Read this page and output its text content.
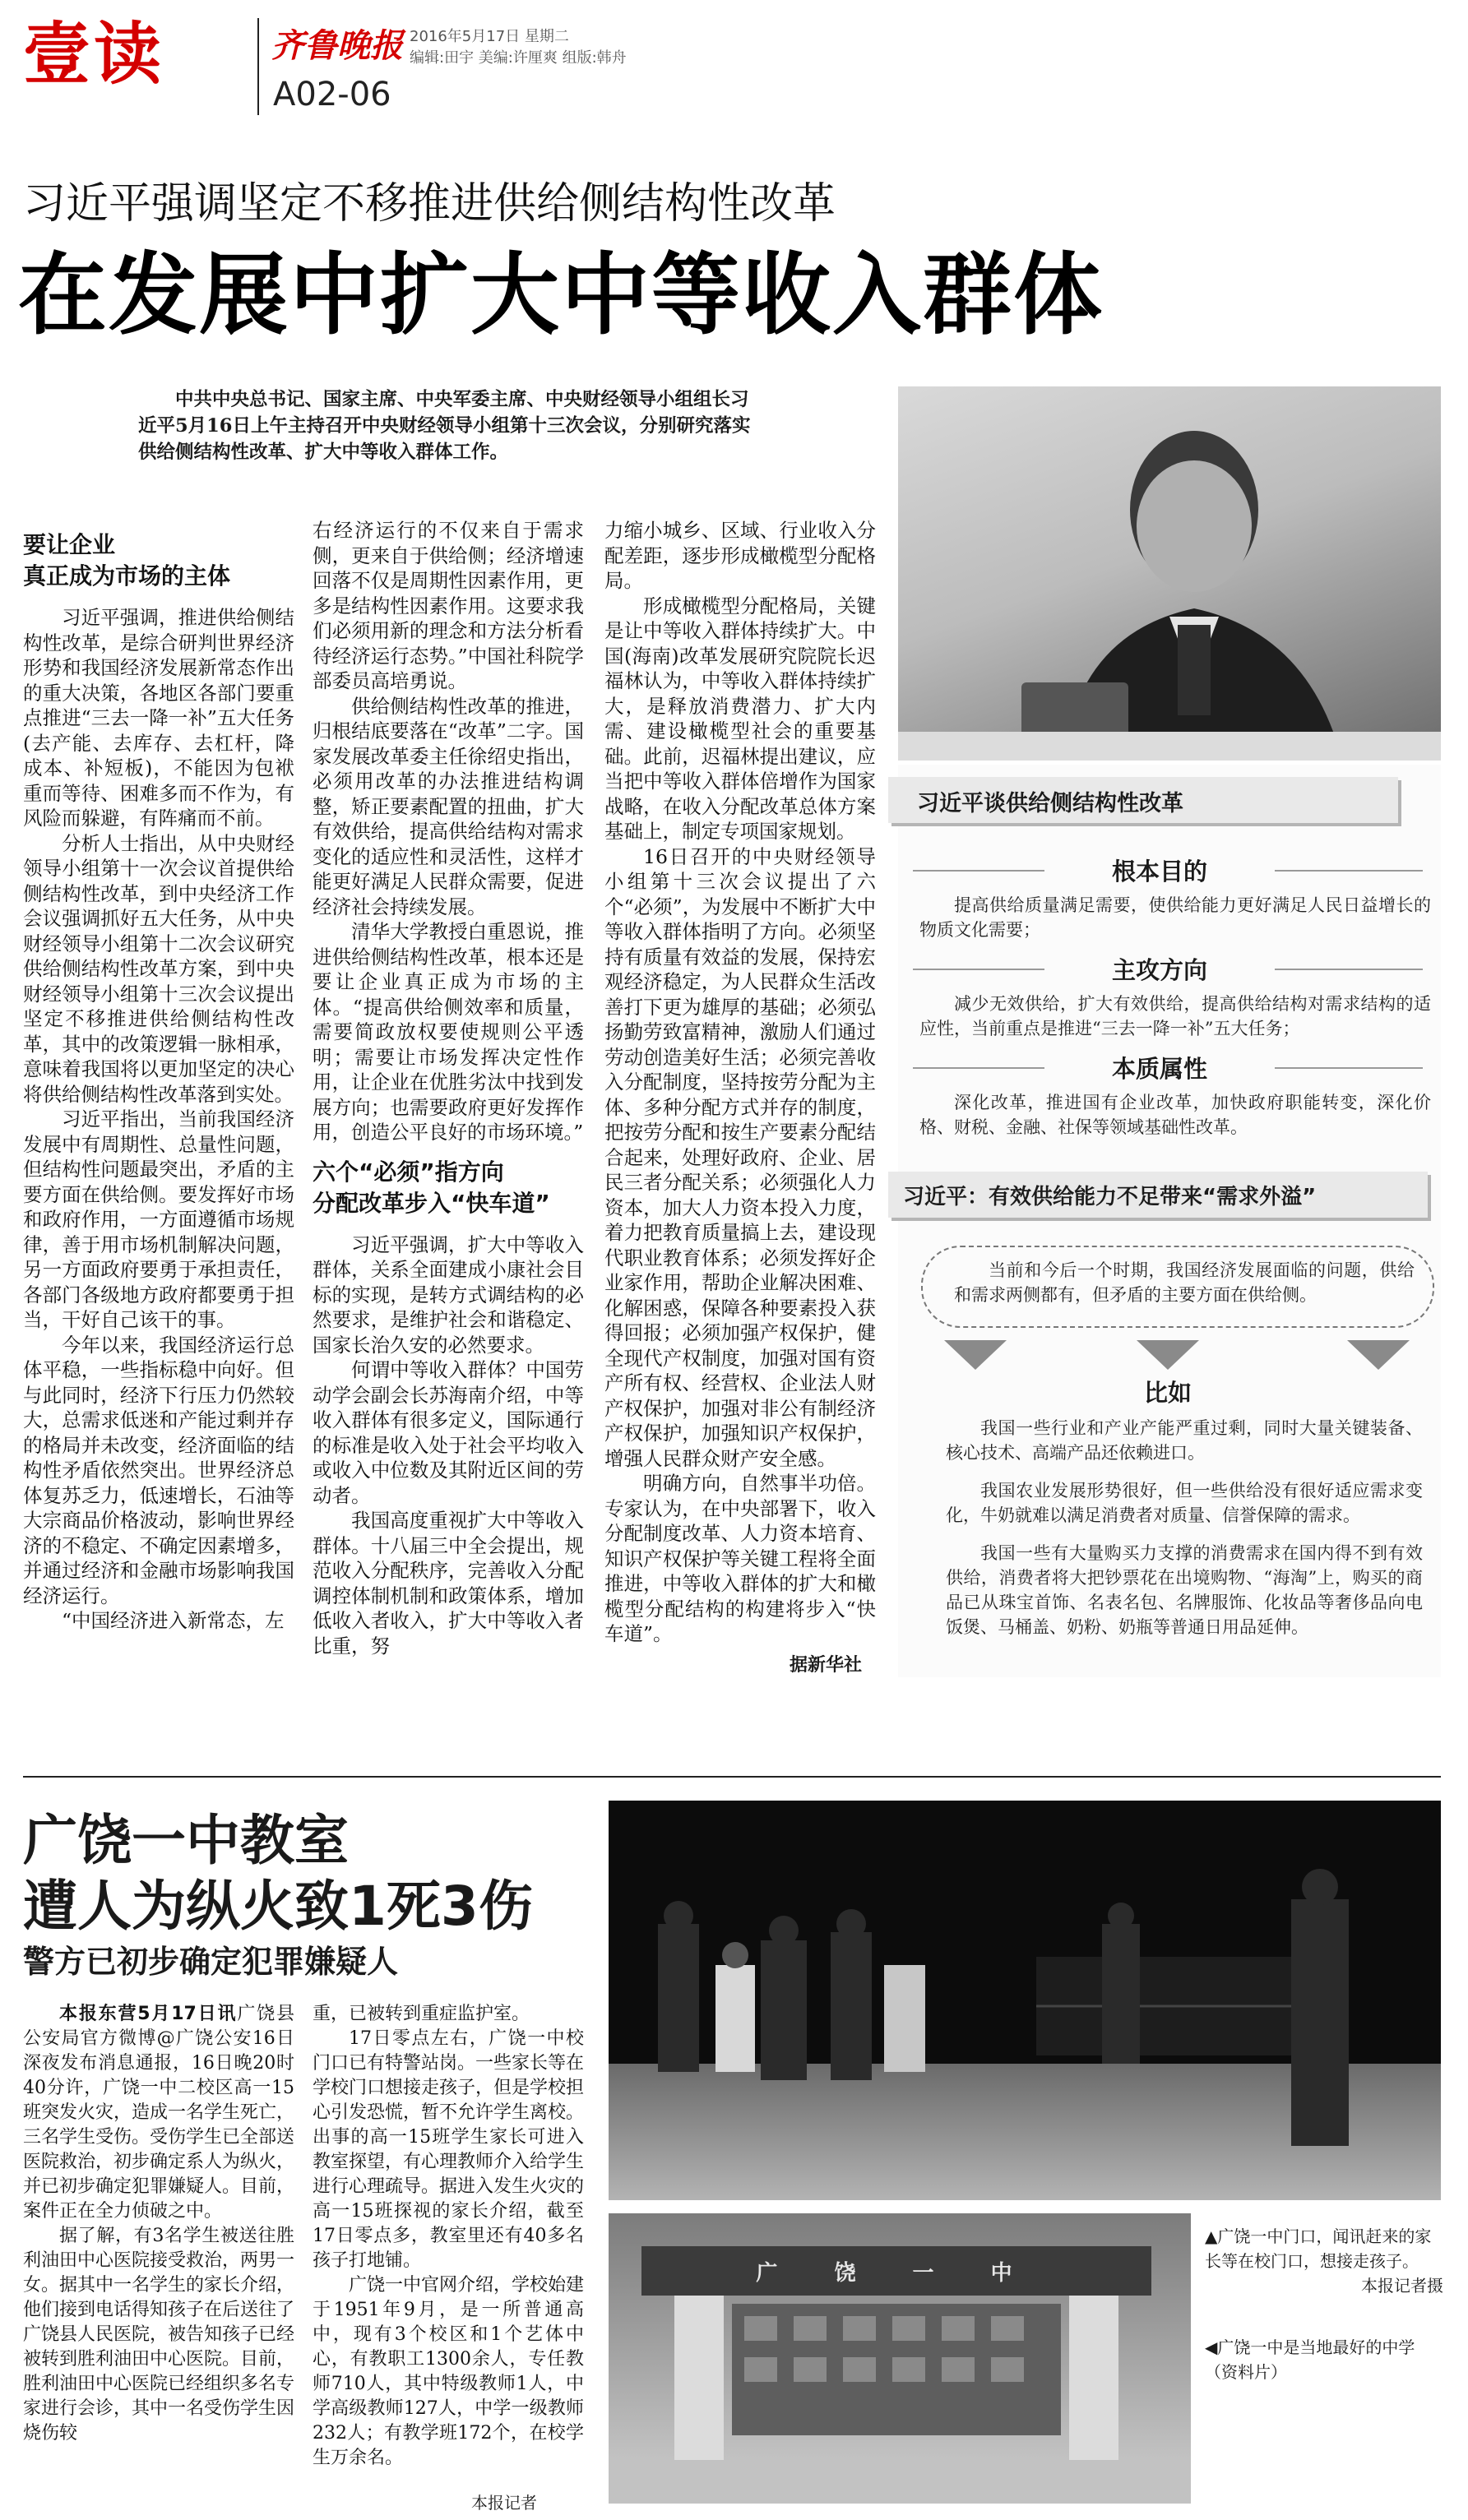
壹读	齐鲁晚报 2016年5月17日 星期二
编辑:田宇 美编:许厘爽 组版:韩舟
A02-06
习近平强调坚定不移推进供给侧结构性改革
在发展中扩大中等收入群体
中共中央总书记、国家主席、中央军委主席、中央财经领导小组组长习近平5月16日上午主持召开中央财经领导小组第十三次会议，分别研究落实供给侧结构性改革、扩大中等收入群体工作。
要让企业
真正成为市场的主体

习近平强调，推进供给侧结构性改革，是综合研判世界经济形势和我国经济发展新常态作出的重大决策，各地区各部门要重点推进“三去一降一补”五大任务(去产能、去库存、去杠杆，降成本、补短板)，不能因为包袱重而等待、困难多而不作为，有风险而躲避，有阵痛而不前。

分析人士指出，从中央财经领导小组第十一次会议首提供给侧结构性改革，到中央经济工作会议强调抓好五大任务，从中央财经领导小组第十二次会议研究供给侧结构性改革方案，到中央财经领导小组第十三次会议提出坚定不移推进供给侧结构性改革，其中的改策逻辑一脉相承，意味着我国将以更加坚定的决心将供给侧结构性改革落到实处。

习近平指出，当前我国经济发展中有周期性、总量性问题，但结构性问题最突出，矛盾的主要方面在供给侧。要发挥好市场和政府作用，一方面遵循市场规律，善于用市场机制解决问题，另一方面政府要勇于承担责任，各部门各级地方政府都要勇于担当，干好自己该干的事。

今年以来，我国经济运行总体平稳，一些指标稳中向好。但与此同时，经济下行压力仍然较大，总需求低迷和产能过剩并存的格局并未改变，经济面临的结构性矛盾依然突出。世界经济总体复苏乏力，低速增长，石油等大宗商品价格波动，影响世界经济的不稳定、不确定因素增多，并通过经济和金融市场影响我国经济运行。

“中国经济进入新常态，左

右经济运行的不仅来自于需求侧，更来自于供给侧；经济增速回落不仅是周期性因素作用，更多是结构性因素作用。这要求我们必须用新的理念和方法分析看待经济运行态势。”中国社科院学部委员高培勇说。

供给侧结构性改革的推进，归根结底要落在“改革”二字。国家发展改革委主任徐绍史指出，必须用改革的办法推进结构调整，矫正要素配置的扭曲，扩大有效供给，提高供给结构对需求变化的适应性和灵活性，这样才能更好满足人民群众需要，促进经济社会持续发展。

清华大学教授白重恩说，推进供给侧结构性改革，根本还是要让企业真正成为市场的主体。“提高供给侧效率和质量，需要简政放权要使规则公平透明；需要让市场发挥决定性作用，让企业在优胜劣汰中找到发展方向；也需要政府更好发挥作用，创造公平良好的市场环境。”

六个“必须”指方向
分配改革步入“快车道”

习近平强调，扩大中等收入群体，关系全面建成小康社会目标的实现，是转方式调结构的必然要求，是维护社会和谐稳定、国家长治久安的必然要求。

何谓中等收入群体？中国劳动学会副会长苏海南介绍，中等收入群体有很多定义，国际通行的标准是收入处于社会平均收入或收入中位数及其附近区间的劳动者。

我国高度重视扩大中等收入群体。十八届三中全会提出，规范收入分配秩序，完善收入分配调控体制机制和政策体系，增加低收入者收入，扩大中等收入者比重，努

力缩小城乡、区域、行业收入分配差距，逐步形成橄榄型分配格局。

形成橄榄型分配格局，关键是让中等收入群体持续扩大。中国(海南)改革发展研究院院长迟福林认为，中等收入群体持续扩大，是释放消费潜力、扩大内需、建设橄榄型社会的重要基础。此前，迟福林提出建议，应当把中等收入群体倍增作为国家战略，在收入分配改革总体方案基础上，制定专项国家规划。

16日召开的中央财经领导小组第十三次会议提出了六个“必须”，为发展中不断扩大中等收入群体指明了方向。必须坚持有质量有效益的发展，保持宏观经济稳定，为人民群众生活改善打下更为雄厚的基础；必须弘扬勤劳致富精神，激励人们通过劳动创造美好生活；必须完善收入分配制度，坚持按劳分配为主体、多种分配方式并存的制度，把按劳分配和按生产要素分配结合起来，处理好政府、企业、居民三者分配关系；必须强化人力资本，加大人力资本投入力度，着力把教育质量搞上去，建设现代职业教育体系；必须发挥好企业家作用，帮助企业解决困难、化解困惑，保障各种要素投入获得回报；必须加强产权保护，健全现代产权制度，加强对国有资产所有权、经营权、企业法人财产权保护，加强对非公有制经济产权保护，加强知识产权保护，增强人民群众财产安全感。

明确方向，自然事半功倍。专家认为，在中央部署下，收入分配制度改革、人力资本培育、知识产权保护等关键工程将全面推进，中等收入群体的扩大和橄榄型分配结构的构建将步入“快车道”。

据新华社
习近平谈供给侧结构性改革
根本目的

提高供给质量满足需要，使供给能力更好满足人民日益增长的物质文化需要；

主攻方向

减少无效供给，扩大有效供给，提高供给结构对需求结构的适应性，当前重点是推进“三去一降一补”五大任务；

本质属性

深化改革，推进国有企业改革，加快政府职能转变，深化价格、财税、金融、社保等领域基础性改革。

习近平：有效供给能力不足带来“需求外溢”

当前和今后一个时期，我国经济发展面临的问题，供给和需求两侧都有，但矛盾的主要方面在供给侧。

比如

我国一些行业和产业产能严重过剩，同时大量关键装备、核心技术、高端产品还依赖进口。

我国农业发展形势很好，但一些供给没有很好适应需求变化，牛奶就难以满足消费者对质量、信誉保障的需求。

我国一些有大量购买力支撑的消费需求在国内得不到有效供给，消费者将大把钞票花在出境购物、“海淘”上，购买的商品已从珠宝首饰、名表名包、名牌服饰、化妆品等奢侈品向电饭煲、马桶盖、奶粉、奶瓶等普通日用品延伸。

广饶一中教室
遭人为纵火致1死3伤
警方已初步确定犯罪嫌疑人

本报东营5月17日讯广饶县公安局官方微博@广饶公安16日深夜发布消息通报，16日晚20时40分许，广饶一中二校区高一15班突发火灾，造成一名学生死亡，三名学生受伤。受伤学生已全部送医院救治，初步确定系人为纵火，并已初步确定犯罪嫌疑人。目前，案件正在全力侦破之中。

据了解，有3名学生被送往胜利油田中心医院接受救治，两男一女。据其中一名学生的家长介绍，他们接到电话得知孩子在后送往了广饶县人民医院，被告知孩子已经被转到胜利油田中心医院。目前，胜利油田中心医院已经组织多名专家进行会诊，其中一名受伤学生因烧伤较

重，已被转到重症监护室。

17日零点左右，广饶一中校门口已有特警站岗。一些家长等在学校门口想接走孩子，但是学校担心引发恐慌，暂不允许学生离校。出事的高一15班学生家长可进入教室探望，有心理教师介入给学生进行心理疏导。据进入发生火灾的高一15班探视的家长介绍，截至17日零点多，教室里还有40多名孩子打地铺。

广饶一中官网介绍，学校始建于1951年9月，是一所普通高中，现有3个校区和1个艺体中心，有教职工1300余人，专任教师710人，其中特级教师1人，中学高级教师127人，中学一级教师232人；有教学班172个，在校学生万余名。

本报记者
广 饶 一 中
▲广饶一中门口，闻讯赶来的家长等在校门口，想接走孩子。
本报记者摄
◀广饶一中是当地最好的中学（资料片）
